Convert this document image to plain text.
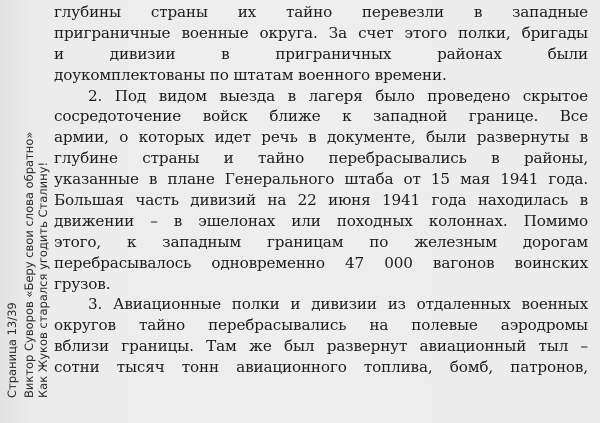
Страница 13/39 Виктор Суворов «Беру свои слова обратно» Как Жуков старался угодить Сталину!
глубины страны их тайно перевезли в западные
приграничные военные округа. За счет этого полки, бригады
и дивизии в приграничных районах были
доукомплектованы по штатам военного времени.
2. Под видом выезда в лагеря было проведено скрытое
сосредоточение войск ближе к западной границе. Все
армии, о которых идет речь в документе, были развернуты в
глубине страны и тайно перебрасывались в районы,
указанные в плане Генерального штаба от 15 мая 1941 года.
Большая часть дивизий на 22 июня 1941 года находилась в
движении – в эшелонах или походных колоннах. Помимо
этого, к западным границам по железным дорогам
перебрасывалось одновременно 47 000 вагонов воинских
грузов.
3. Авиационные полки и дивизии из отдаленных военных
округов тайно перебрасывались на полевые аэродромы
вблизи границы. Там же был развернут авиационный тыл –
сотни тысяч тонн авиационного топлива, бомб, патронов,
